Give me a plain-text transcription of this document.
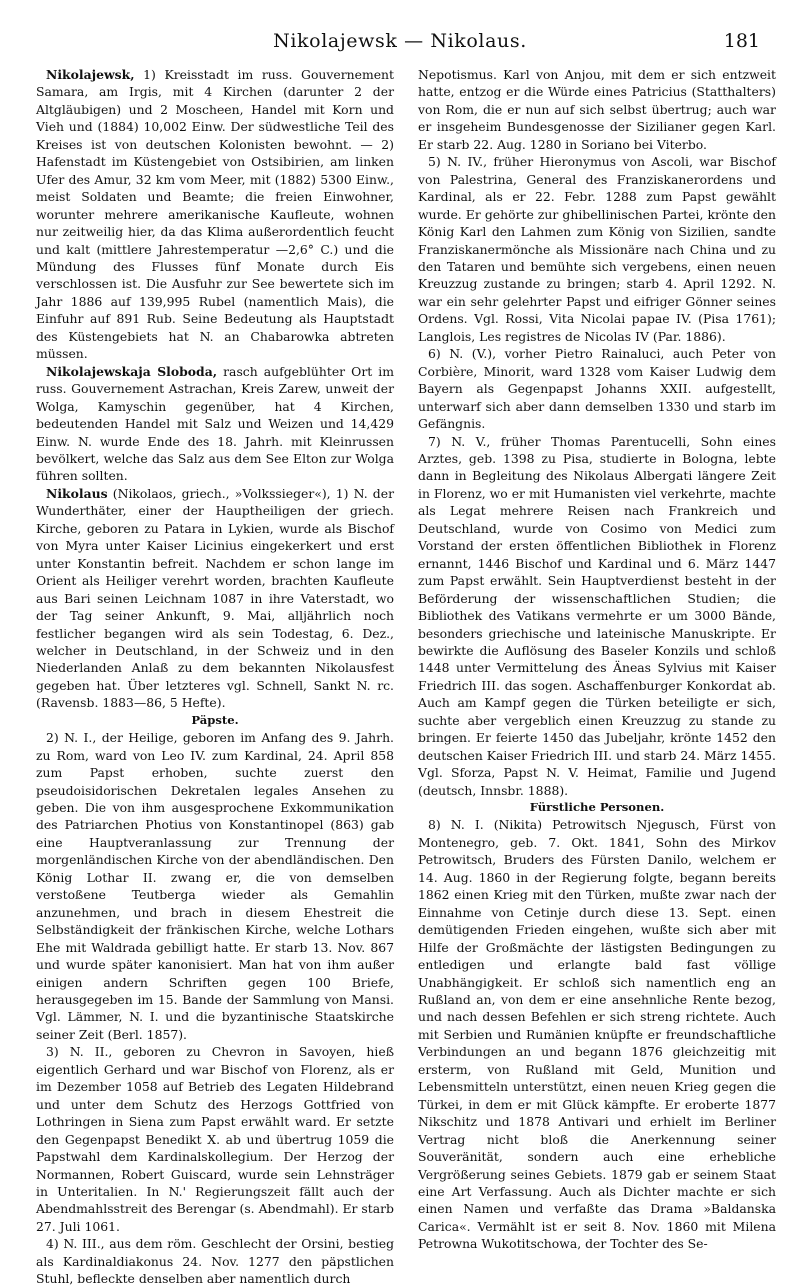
Nikolajewsk — Nikolaus.	181

Nikolajewsk, 1) Kreisstadt im russ. Gouvernement Samara, am Irgis, mit 4 Kirchen (darunter 2 der Altgläubigen) und 2 Moscheen, Handel mit Korn und Vieh und (1884) 10,002 Einw. Der südwestliche Teil des Kreises ist von deutschen Kolonisten bewohnt. — 2) Hafenstadt im Küstengebiet von Ostsibirien, am linken Ufer des Amur, 32 km vom Meer, mit (1882) 5300 Einw., meist Soldaten und Beamte; die freien Einwohner, worunter mehrere amerikanische Kaufleute, wohnen nur zeitweilig hier, da das Klima außerordentlich feucht und kalt (mittlere Jahrestemperatur —2,6° C.) und die Mündung des Flusses fünf Monate durch Eis verschlossen ist. Die Ausfuhr zur See bewertete sich im Jahr 1886 auf 139,995 Rubel (namentlich Mais), die Einfuhr auf 891 Rub. Seine Bedeutung als Hauptstadt des Küstengebiets hat N. an Chabarowka abtreten müssen.

Nikolajewskaja Sloboda, rasch aufgeblühter Ort im russ. Gouvernement Astrachan, Kreis Zarew, unweit der Wolga, Kamyschin gegenüber, hat 4 Kirchen, bedeutenden Handel mit Salz und Weizen und 14,429 Einw. N. wurde Ende des 18. Jahrh. mit Kleinrussen bevölkert, welche das Salz aus dem See Elton zur Wolga führen sollten.

Nikolaus (Nikolaos, griech., »Volkssieger«), 1) N. der Wunderthäter, einer der Hauptheiligen der griech. Kirche, geboren zu Patara in Lykien, wurde als Bischof von Myra unter Kaiser Licinius eingekerkert und erst unter Konstantin befreit. Nachdem er schon lange im Orient als Heiliger verehrt worden, brachten Kaufleute aus Bari seinen Leichnam 1087 in ihre Vaterstadt, wo der Tag seiner Ankunft, 9. Mai, alljährlich noch festlicher begangen wird als sein Todestag, 6. Dez., welcher in Deutschland, in der Schweiz und in den Niederlanden Anlaß zu dem bekannten Nikolausfest gegeben hat. Über letzteres vgl. Schnell, Sankt N. rc. (Ravensb. 1883—86, 5 Hefte).

Päpste.

2) N. I., der Heilige, geboren im Anfang des 9. Jahrh. zu Rom, ward von Leo IV. zum Kardinal, 24. April 858 zum Papst erhoben, suchte zuerst den pseudoisidorischen Dekretalen legales Ansehen zu geben. Die von ihm ausgesprochene Exkommunikation des Patriarchen Photius von Konstantinopel (863) gab eine Hauptveranlassung zur Trennung der morgenländischen Kirche von der abendländischen. Den König Lothar II. zwang er, die von demselben verstoßene Teutberga wieder als Gemahlin anzunehmen, und brach in diesem Ehestreit die Selbständigkeit der fränkischen Kirche, welche Lothars Ehe mit Waldrada gebilligt hatte. Er starb 13. Nov. 867 und wurde später kanonisiert. Man hat von ihm außer einigen andern Schriften gegen 100 Briefe, herausgegeben im 15. Bande der Sammlung von Mansi. Vgl. Lämmer, N. I. und die byzantinische Staatskirche seiner Zeit (Berl. 1857).

3) N. II., geboren zu Chevron in Savoyen, hieß eigentlich Gerhard und war Bischof von Florenz, als er im Dezember 1058 auf Betrieb des Legaten Hildebrand und unter dem Schutz des Herzogs Gottfried von Lothringen in Siena zum Papst erwählt ward. Er setzte den Gegenpapst Benedikt X. ab und übertrug 1059 die Papstwahl dem Kardinalskollegium. Der Herzog der Normannen, Robert Guiscard, wurde sein Lehnsträger in Unteritalien. In N.' Regierungszeit fällt auch der Abendmahlsstreit des Berengar (s. Abendmahl). Er starb 27. Juli 1061.

4) N. III., aus dem röm. Geschlecht der Orsini, bestieg als Kardinaldiakonus 24. Nov. 1277 den päpstlichen Stuhl, befleckte denselben aber namentlich durch

Nepotismus. Karl von Anjou, mit dem er sich entzweit hatte, entzog er die Würde eines Patricius (Statthalters) von Rom, die er nun auf sich selbst übertrug; auch war er insgeheim Bundesgenosse der Sizilianer gegen Karl. Er starb 22. Aug. 1280 in Soriano bei Viterbo.

5) N. IV., früher Hieronymus von Ascoli, war Bischof von Palestrina, General des Franziskanerordens und Kardinal, als er 22. Febr. 1288 zum Papst gewählt wurde. Er gehörte zur ghibellinischen Partei, krönte den König Karl den Lahmen zum König von Sizilien, sandte Franziskanermönche als Missionäre nach China und zu den Tataren und bemühte sich vergebens, einen neuen Kreuzzug zustande zu bringen; starb 4. April 1292. N. war ein sehr gelehrter Papst und eifriger Gönner seines Ordens. Vgl. Rossi, Vita Nicolai papae IV. (Pisa 1761); Langlois, Les registres de Nicolas IV (Par. 1886).

6) N. (V.), vorher Pietro Rainaluci, auch Peter von Corbière, Minorit, ward 1328 vom Kaiser Ludwig dem Bayern als Gegenpapst Johanns XXII. aufgestellt, unterwarf sich aber dann demselben 1330 und starb im Gefängnis.

7) N. V., früher Thomas Parentucelli, Sohn eines Arztes, geb. 1398 zu Pisa, studierte in Bologna, lebte dann in Begleitung des Nikolaus Albergati längere Zeit in Florenz, wo er mit Humanisten viel verkehrte, machte als Legat mehrere Reisen nach Frankreich und Deutschland, wurde von Cosimo von Medici zum Vorstand der ersten öffentlichen Bibliothek in Florenz ernannt, 1446 Bischof und Kardinal und 6. März 1447 zum Papst erwählt. Sein Hauptverdienst besteht in der Beförderung der wissenschaftlichen Studien; die Bibliothek des Vatikans vermehrte er um 3000 Bände, besonders griechische und lateinische Manuskripte. Er bewirkte die Auflösung des Baseler Konzils und schloß 1448 unter Vermittelung des Äneas Sylvius mit Kaiser Friedrich III. das sogen. Aschaffenburger Konkordat ab. Auch am Kampf gegen die Türken beteiligte er sich, suchte aber vergeblich einen Kreuzzug zu stande zu bringen. Er feierte 1450 das Jubeljahr, krönte 1452 den deutschen Kaiser Friedrich III. und starb 24. März 1455. Vgl. Sforza, Papst N. V. Heimat, Familie und Jugend (deutsch, Innsbr. 1888).

Fürstliche Personen.

8) N. I. (Nikita) Petrowitsch Njegusch, Fürst von Montenegro, geb. 7. Okt. 1841, Sohn des Mirkov Petrowitsch, Bruders des Fürsten Danilo, welchem er 14. Aug. 1860 in der Regierung folgte, begann bereits 1862 einen Krieg mit den Türken, mußte zwar nach der Einnahme von Cetinje durch diese 13. Sept. einen demütigenden Frieden eingehen, wußte sich aber mit Hilfe der Großmächte der lästigsten Bedingungen zu entledigen und erlangte bald fast völlige Unabhängigkeit. Er schloß sich namentlich eng an Rußland an, von dem er eine ansehnliche Rente bezog, und nach dessen Befehlen er sich streng richtete. Auch mit Serbien und Rumänien knüpfte er freundschaftliche Verbindungen an und begann 1876 gleichzeitig mit ersterm, von Rußland mit Geld, Munition und Lebensmitteln unterstützt, einen neuen Krieg gegen die Türkei, in dem er mit Glück kämpfte. Er eroberte 1877 Nikschitz und 1878 Antivari und erhielt im Berliner Vertrag nicht bloß die Anerkennung seiner Souveränität, sondern auch eine erhebliche Vergrößerung seines Gebiets. 1879 gab er seinem Staat eine Art Verfassung. Auch als Dichter machte er sich einen Namen und verfaßte das Drama »Baldanska Carica«. Vermählt ist er seit 8. Nov. 1860 mit Milena Petrowna Wukotitschowa, der Tochter des Se-
